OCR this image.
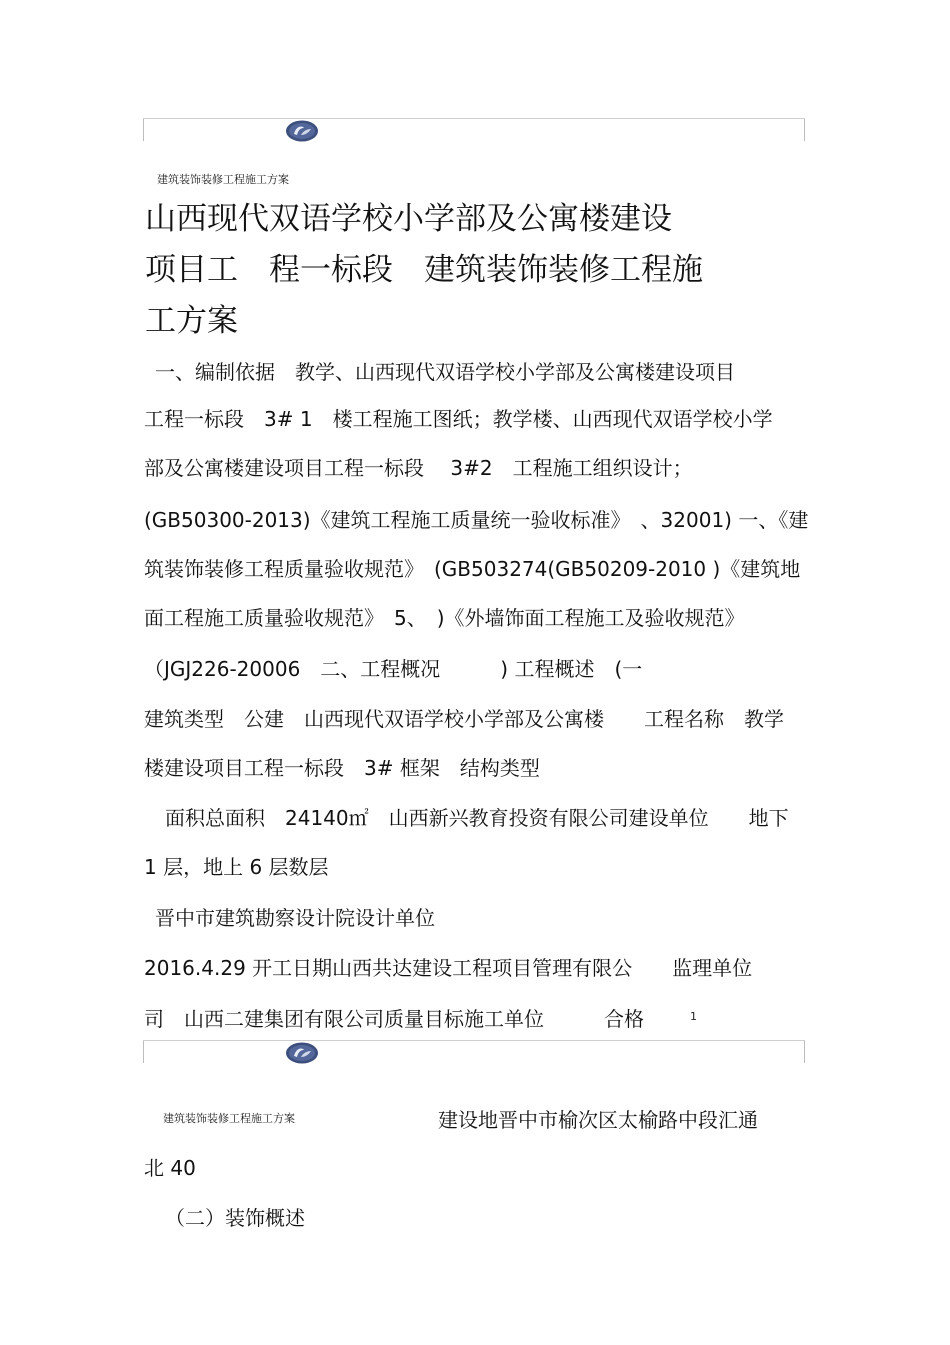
建筑装饰装修工程施工方案
山西现代双语学校小学部及公寓楼建设
项目工　程一标段　建筑装饰装修工程施
工方案
一、编制依据　教学、山西现代双语学校小学部及公寓楼建设项目
工程一标段　3# 1　楼工程施工图纸；教学楼、山西现代双语学校小学
部及公寓楼建设项目工程一标段　 3#2　工程施工组织设计；
(GB50300-2013)《建筑工程施工质量统一验收标准》　、32001) 一、《建
筑装饰装修工程质量验收规范》　(GB503274(GB50209-2010 )《建筑地
面工程施工质量验收规范》　5、　)《外墙饰面工程施工及验收规范》
（JGJ226-20006　二、工程概况　　　) 工程概述　(一
建筑类型　公建　山西现代双语学校小学部及公寓楼　　工程名称　教学
楼建设项目工程一标段　3# 框架　结构类型
面积总面积　24140㎡　山西新兴教育投资有限公司建设单位　　地下
1 层，地上 6 层数层
晋中市建筑勘察设计院设计单位
2016.4.29 开工日期山西共达建设工程项目管理有限公　　监理单位
司　山西二建集团有限公司质量目标施工单位　　　合格	1
建筑装饰装修工程施工方案	建设地晋中市榆次区太榆路中段汇通
北 40
（二）装饰概述
